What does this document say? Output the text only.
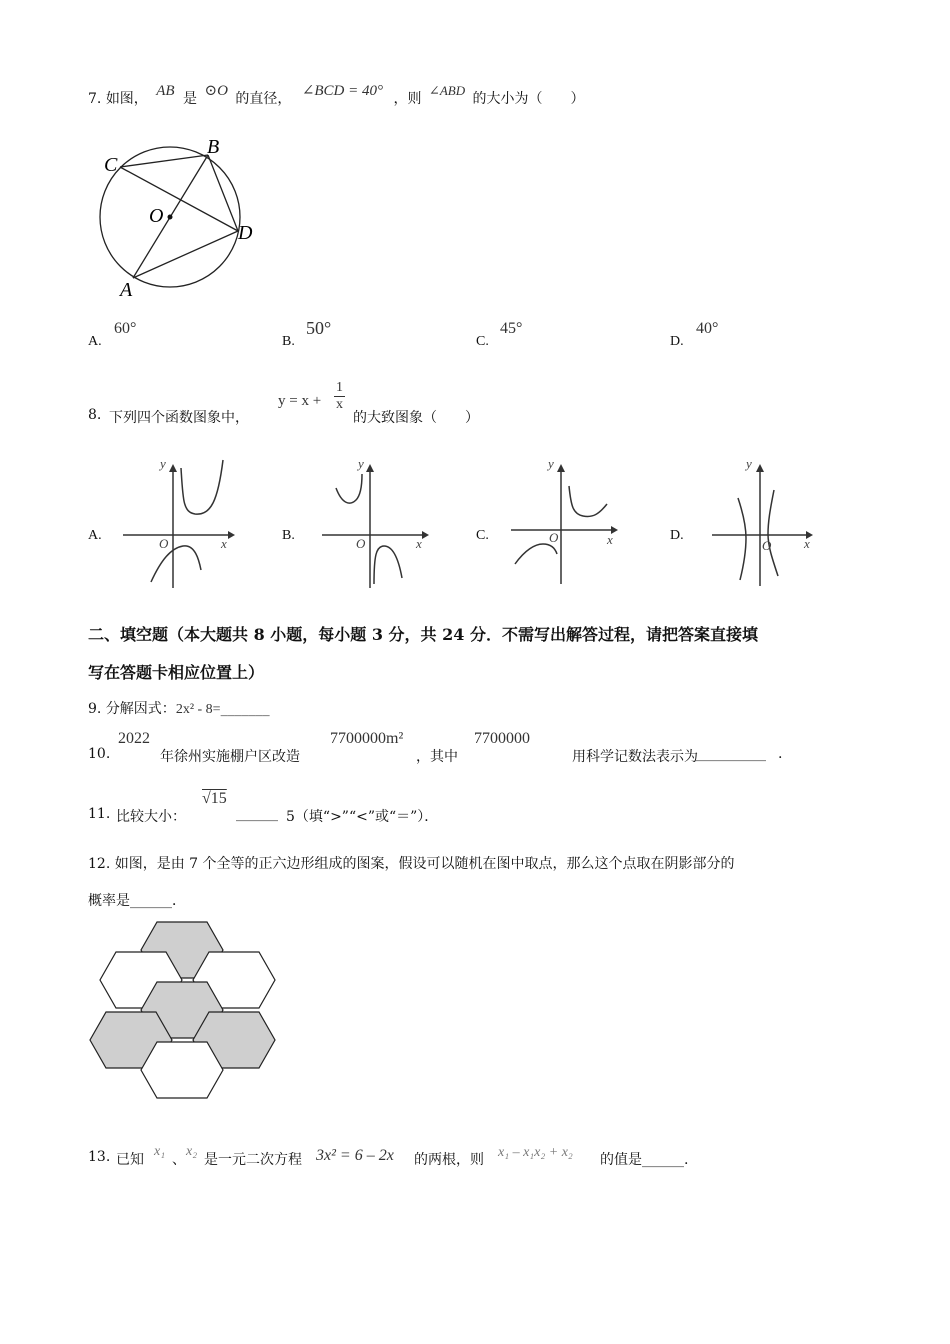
7. 如图， AB 是 ⊙O 的直径， ∠BCD = 40° ，则 ∠ABD 的大小为（　　）
C
B
O
D
A
A.
60°
B.
50°
C.
45°
D.
40°
8. 下列四个函数图象中，
$y = x + \frac{1}{x}$
的大致图象（　　）
A.
y
x
O
B.
y
x
O
C.
y
x
O	D.
y
x
O
二、填空题（本大题共 8 小题，每小题 3 分，共 24 分．不需写出解答过程，请把答案直接填
写在答题卡相应位置上）
9. 分解因式：2x² - 8=_______
10.
2022
年徐州实施棚户区改造
7700000m²
，其中
7700000
用科学记数法表示为
__________ .
11. 比较大小：
√15
______ 5（填“>”“<”或“＝”）．
12. 如图，是由 7 个全等的正六边形组成的图案，假设可以随机在图中取点，那么这个点取在阴影部分的
概率是______．
13. 已知
x₁
、
x₂
是一元二次方程 3x² = 6 – 2x 的两根，则 x₁ – x₁x₂ + x₂ 的值是______.
